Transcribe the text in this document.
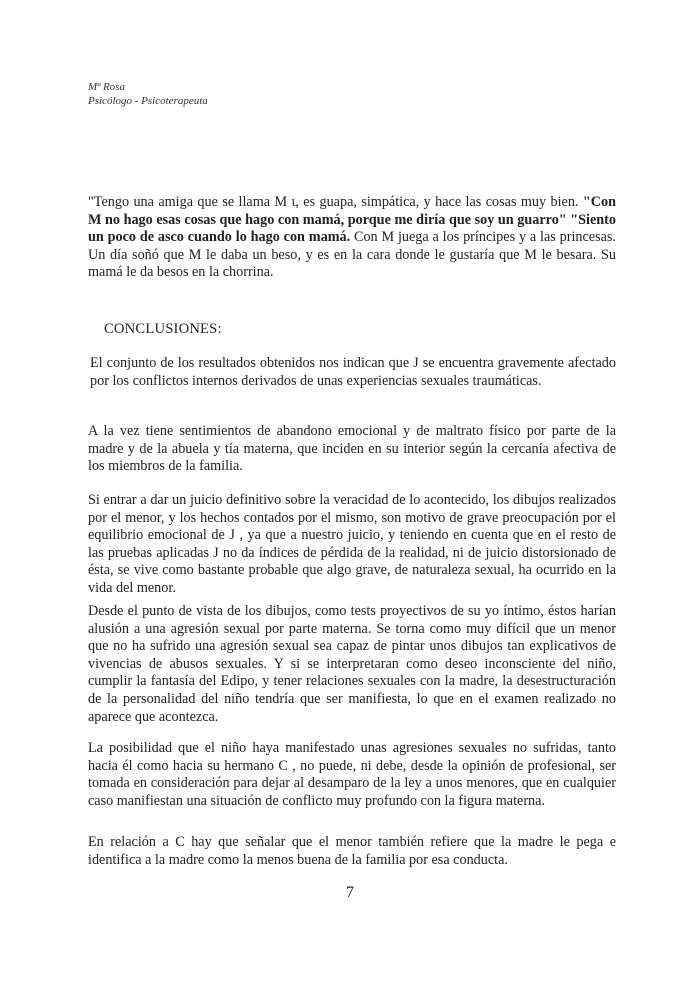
Mª Rosa
Psicólogo - Psicoterapeuta

"Tengo una amiga que se llama M ι, es guapa, simpática, y hace las cosas muy bien. "Con M no hago esas cosas que hago con mamá, porque me diría que soy un guarro" "Siento un poco de asco cuando lo hago con mamá. Con M juega a los príncipes y a las princesas. Un día soñó que M le daba un beso, y es en la cara donde le gustaría que M le besara. Su mamá le da besos en la chorrina.

CONCLUSIONES:

El conjunto de los resultados obtenidos nos indican que J se encuentra gravemente afectado por los conflictos internos derivados de unas experiencias sexuales traumáticas.

A la vez tiene sentimientos de abandono emocional y de maltrato físico por parte de la madre y de la abuela y tía materna, que inciden en su interior según la cercanía afectiva de los miembros de la familia.

Si entrar a dar un juicio definitivo sobre la veracidad de lo acontecido, los dibujos realizados por el menor, y los hechos contados por el mismo, son motivo de grave preocupación por el equilibrio emocional de J , ya que a nuestro juicio, y teniendo en cuenta que en el resto de las pruebas aplicadas J no da índices de pérdida de la realidad, ni de juicio distorsionado de ésta, se vive como bastante probable que algo grave, de naturaleza sexual, ha ocurrido en la vida del menor.

Desde el punto de vista de los dibujos, como tests proyectivos de su yo íntimo, éstos harían alusión a una agresión sexual por parte materna. Se torna como muy difícil que un menor que no ha sufrido una agresión sexual sea capaz de pintar unos dibujos tan explicativos de vivencias de abusos sexuales. Y si se interpretaran como deseo inconsciente del niño, cumplir la fantasía del Edipo, y tener relaciones sexuales con la madre, la desestructuración de la personalidad del niño tendría que ser manifiesta, lo que en el examen realizado no aparece que acontezca.

La posibilidad que el niño haya manifestado unas agresiones sexuales no sufridas, tanto hacia él como hacia su hermano C , no puede, ni debe, desde la opinión de profesional, ser tomada en consideración para dejar al desamparo de la ley a unos menores, que en cualquier caso manifiestan una situación de conflicto muy profundo con la figura materna.

En relación a C hay que señalar que el menor también refiere que la madre le pega e identifica a la madre como la menos buena de la familia por esa conducta.

7
